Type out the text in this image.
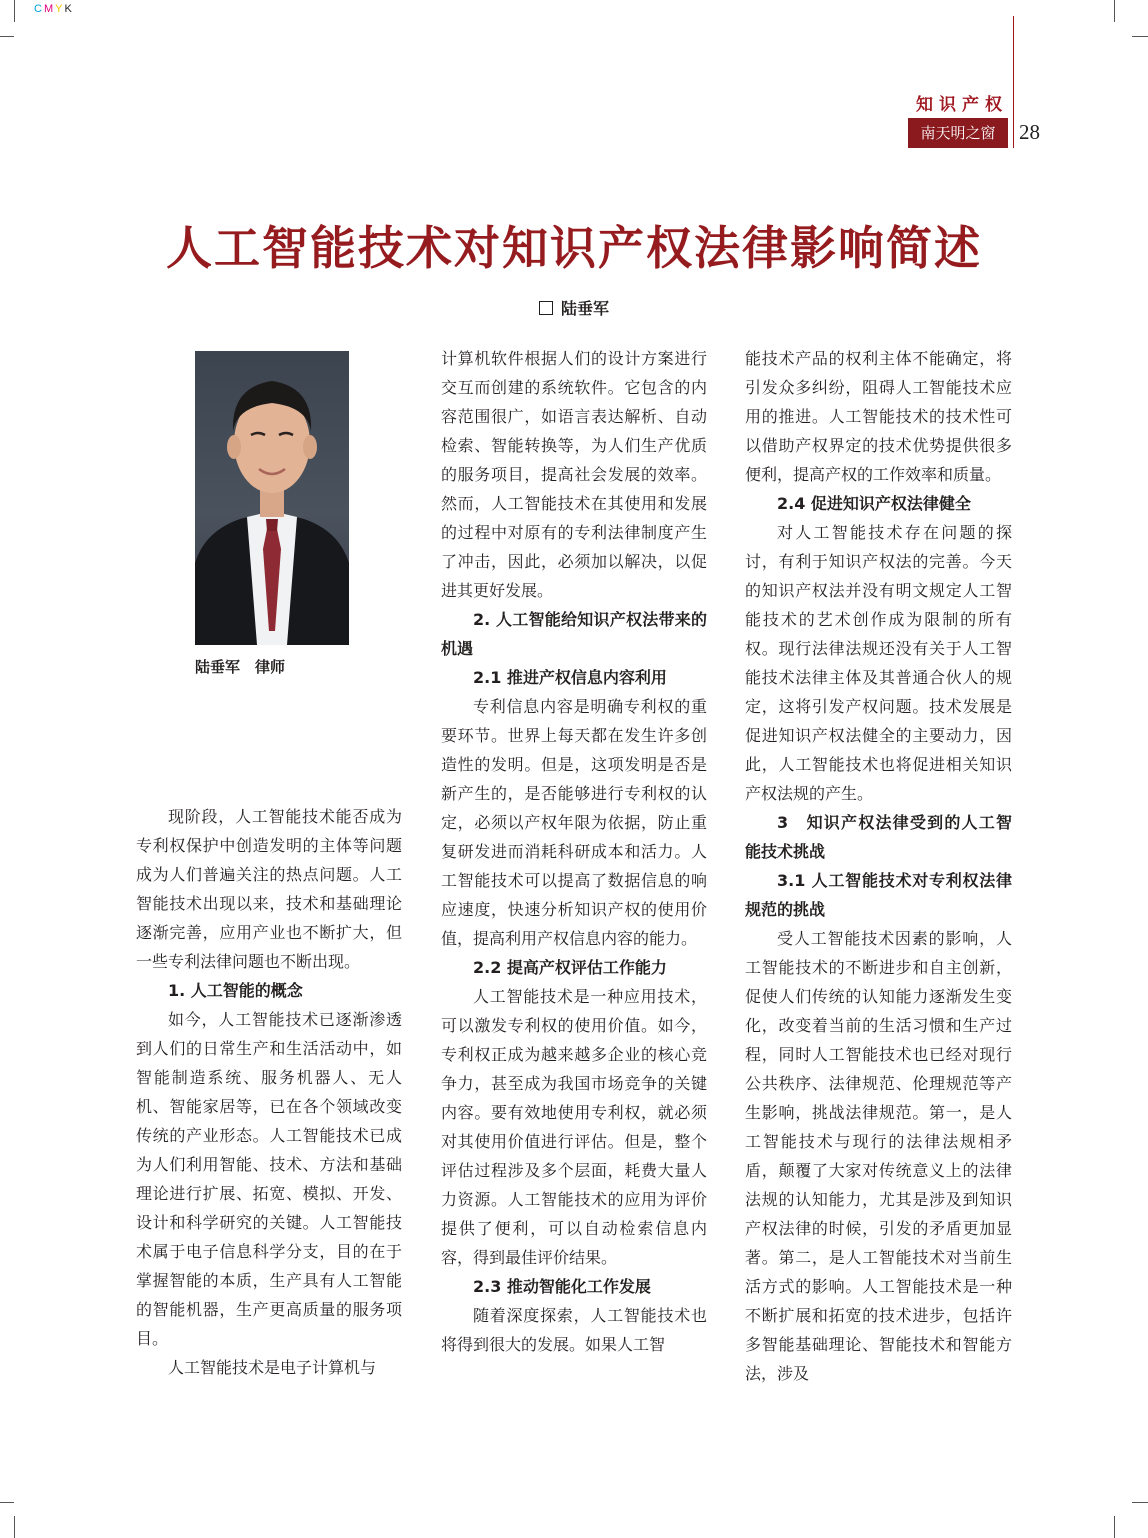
CMYK
知识产权
南天明之窗	28
人工智能技术对知识产权法律影响简述
陆垂军
陆垂军　律师

现阶段，人工智能技术能否成为专利权保护中创造发明的主体等问题成为人们普遍关注的热点问题。人工智能技术出现以来，技术和基础理论逐渐完善，应用产业也不断扩大，但一些专利法律问题也不断出现。

1. 人工智能的概念

如今，人工智能技术已逐渐渗透到人们的日常生产和生活活动中，如智能制造系统、服务机器人、无人机、智能家居等，已在各个领域改变传统的产业形态。人工智能技术已成为人们利用智能、技术、方法和基础理论进行扩展、拓宽、模拟、开发、设计和科学研究的关键。人工智能技术属于电子信息科学分支，目的在于掌握智能的本质，生产具有人工智能的智能机器，生产更高质量的服务项目。

人工智能技术是电子计算机与

计算机软件根据人们的设计方案进行交互而创建的系统软件。它包含的内容范围很广，如语言表达解析、自动检索、智能转换等，为人们生产优质的服务项目，提高社会发展的效率。然而，人工智能技术在其使用和发展的过程中对原有的专利法律制度产生了冲击，因此，必须加以解决，以促进其更好发展。

2. 人工智能给知识产权法带来的机遇
2.1 推进产权信息内容利用

专利信息内容是明确专利权的重要环节。世界上每天都在发生许多创造性的发明。但是，这项发明是否是新产生的，是否能够进行专利权的认定，必须以产权年限为依据，防止重复研发进而消耗科研成本和活力。人工智能技术可以提高了数据信息的响应速度，快速分析知识产权的使用价值，提高利用产权信息内容的能力。

2.2 提高产权评估工作能力

人工智能技术是一种应用技术，可以激发专利权的使用价值。如今，专利权正成为越来越多企业的核心竞争力，甚至成为我国市场竞争的关键内容。要有效地使用专利权，就必须对其使用价值进行评估。但是，整个评估过程涉及多个层面，耗费大量人力资源。人工智能技术的应用为评价提供了便利，可以自动检索信息内容，得到最佳评价结果。

2.3 推动智能化工作发展

随着深度探索，人工智能技术也将得到很大的发展。如果人工智

能技术产品的权利主体不能确定，将引发众多纠纷，阻碍人工智能技术应用的推进。人工智能技术的技术性可以借助产权界定的技术优势提供很多便利，提高产权的工作效率和质量。

2.4 促进知识产权法律健全

对人工智能技术存在问题的探讨，有利于知识产权法的完善。今天的知识产权法并没有明文规定人工智能技术的艺术创作成为限制的所有权。现行法律法规还没有关于人工智能技术法律主体及其普通合伙人的规定，这将引发产权问题。技术发展是促进知识产权法健全的主要动力，因此，人工智能技术也将促进相关知识产权法规的产生。

3　知识产权法律受到的人工智能技术挑战
3.1 人工智能技术对专利权法律规范的挑战

受人工智能技术因素的影响，人工智能技术的不断进步和自主创新，促使人们传统的认知能力逐渐发生变化，改变着当前的生活习惯和生产过程，同时人工智能技术也已经对现行公共秩序、法律规范、伦理规范等产生影响，挑战法律规范。第一，是人工智能技术与现行的法律法规相矛盾，颠覆了大家对传统意义上的法律法规的认知能力，尤其是涉及到知识产权法律的时候，引发的矛盾更加显著。第二，是人工智能技术对当前生活方式的影响。人工智能技术是一种不断扩展和拓宽的技术进步，包括许多智能基础理论、智能技术和智能方法，涉及
